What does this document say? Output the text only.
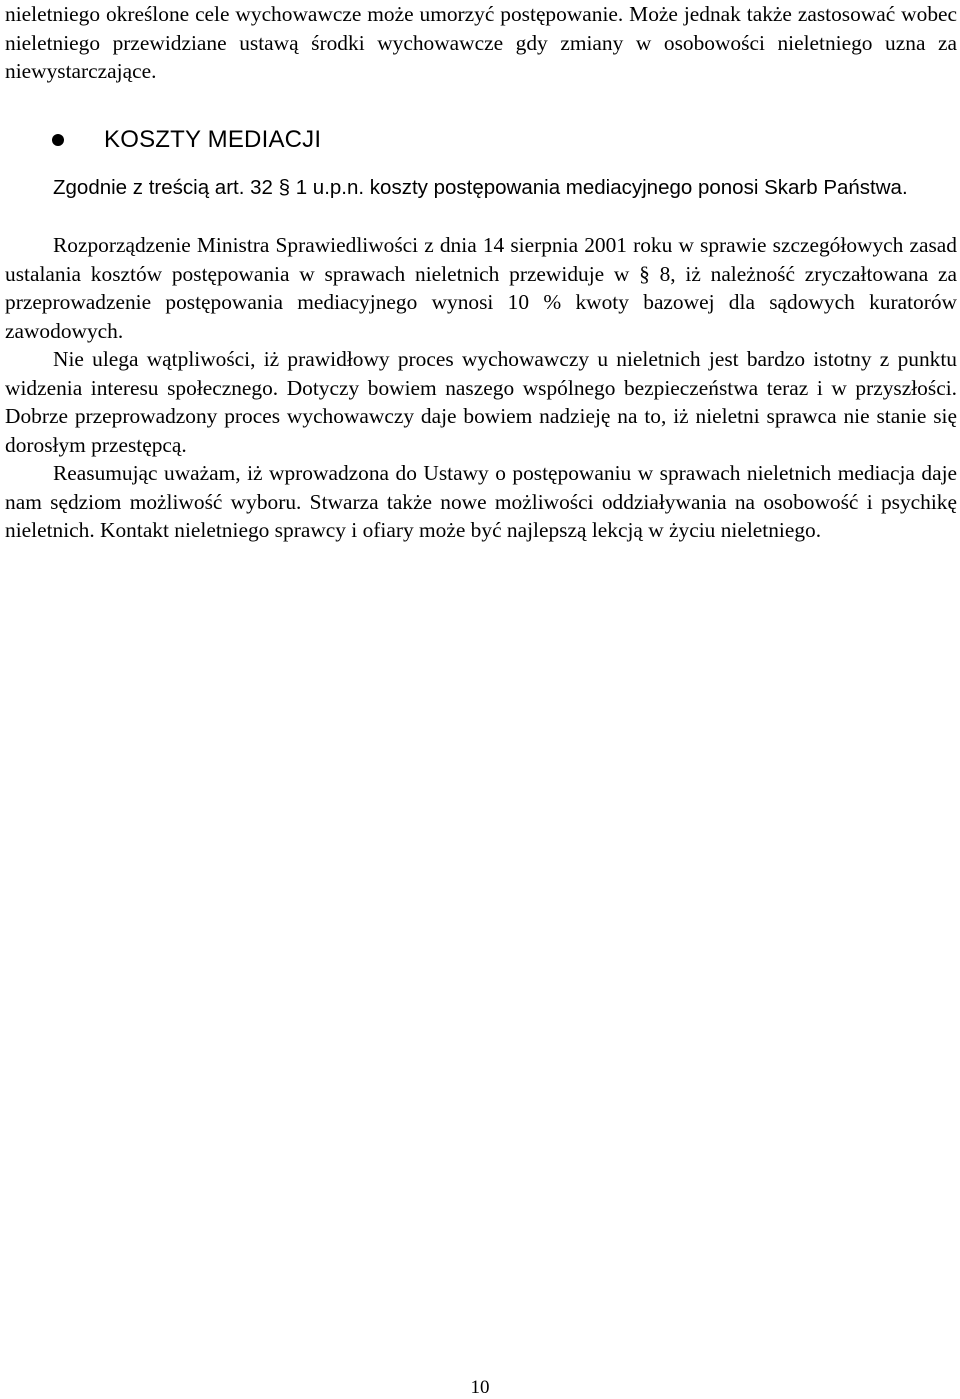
nieletniego określone cele wychowawcze może umorzyć postępowanie. Może jednak także zastosować wobec nieletniego przewidziane ustawą środki wychowawcze gdy zmiany w osobowości nieletniego uzna za niewystarczające.

KOSZTY MEDIACJI

Zgodnie z treścią art. 32 § 1 u.p.n. koszty postępowania mediacyjnego ponosi Skarb Państwa.

Rozporządzenie Ministra Sprawiedliwości z dnia 14 sierpnia 2001 roku w sprawie szczegółowych zasad ustalania kosztów postępowania w sprawach nieletnich przewiduje w § 8, iż należność zryczałtowana za przeprowadzenie postępowania mediacyjnego wynosi 10 % kwoty bazowej dla sądowych kuratorów zawodowych.

Nie ulega wątpliwości, iż prawidłowy proces wychowawczy u nieletnich jest bardzo istotny z punktu widzenia interesu społecznego. Dotyczy bowiem naszego wspólnego bezpieczeństwa teraz i w przyszłości. Dobrze przeprowadzony proces wychowawczy daje bowiem nadzieję na to, iż nieletni sprawca nie stanie się dorosłym przestępcą.

Reasumując uważam, iż wprowadzona do Ustawy o postępowaniu w sprawach nieletnich mediacja daje nam sędziom możliwość wyboru. Stwarza także nowe możliwości oddziaływania na osobowość i psychikę nieletnich. Kontakt nieletniego sprawcy i ofiary może być najlepszą lekcją w życiu nieletniego.

10
